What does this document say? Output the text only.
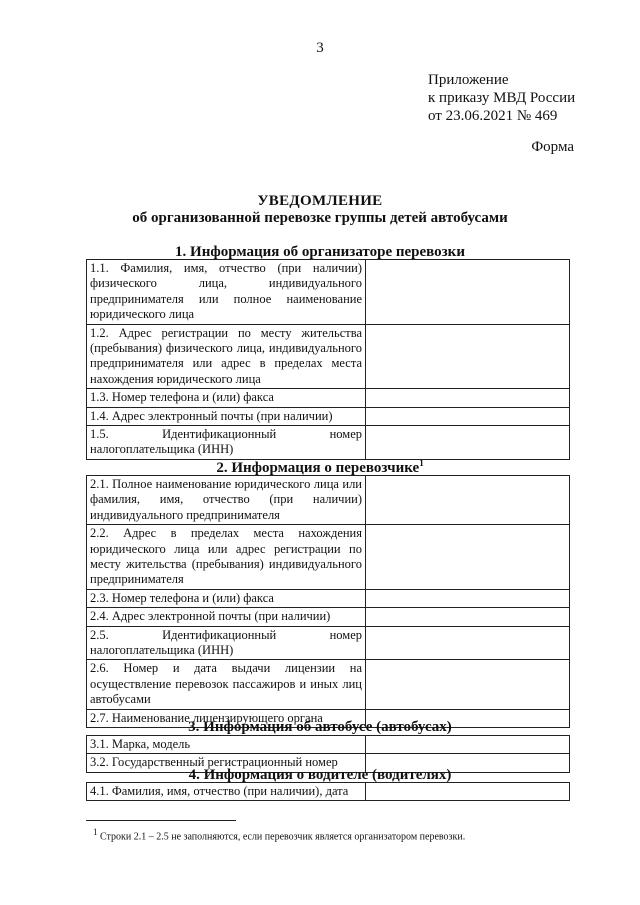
3
Приложение
к приказу МВД России
от 23.06.2021 № 469
Форма
УВЕДОМЛЕНИЕ
об организованной перевозке группы детей автобусами
1. Информация об организаторе перевозки
1.1. Фамилия, имя, отчество (при наличии) физического лица, индивидуального предпринимателя или полное наименование юридического лица	
1.2. Адрес регистрации по месту жительства (пребывания) физического лица, индивидуального предпринимателя или адрес в пределах места нахождения юридического лица	
1.3. Номер телефона и (или) факса	
1.4. Адрес электронный почты (при наличии)	
1.5. Идентификационный номер налогоплательщика (ИНН)	
2. Информация о перевозчике$^1$
2.1. Полное наименование юридического лица или фамилия, имя, отчество (при наличии) индивидуального предпринимателя	
2.2. Адрес в пределах места нахождения юридического лица или адрес регистрации по месту жительства (пребывания) индивидуального предпринимателя	
2.3. Номер телефона и (или) факса	
2.4. Адрес электронной почты (при наличии)	
2.5. Идентификационный номер налогоплательщика (ИНН)	
2.6. Номер и дата выдачи лицензии на осуществление перевозок пассажиров и иных лиц автобусами	
2.7. Наименование лицензирующего органа	
3. Информация об автобусе (автобусах)
3.1. Марка, модель	
3.2. Государственный регистрационный номер	
4. Информация о водителе (водителях)
4.1. Фамилия, имя, отчество (при наличии), дата	
$^1$ Строки 2.1 – 2.5 не заполняются, если перевозчик является организатором перевозки.
